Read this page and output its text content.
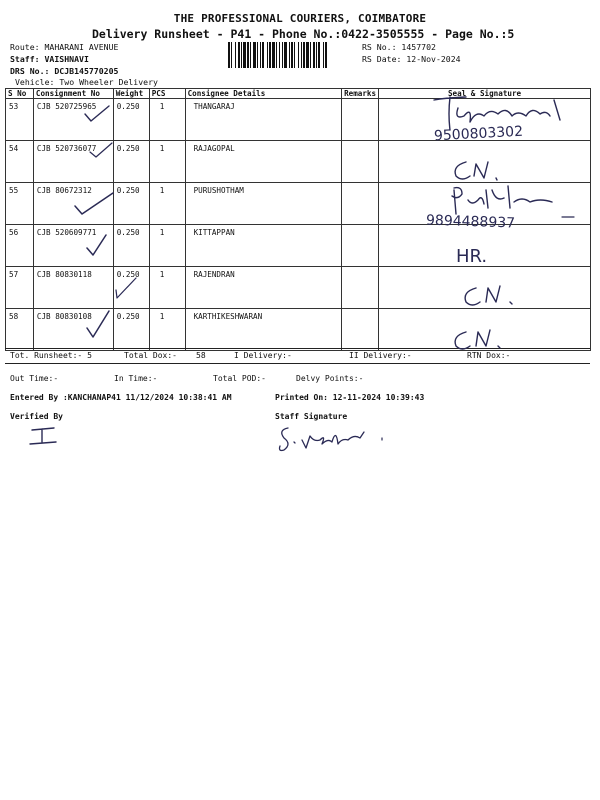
THE PROFESSIONAL COURIERS, COIMBATORE
Delivery Runsheet - P41 - Phone No.:0422-3505555 - Page No.:5
Route: MAHARANI AVENUE
Staff: VAISHNAVI
DRS No.: DCJB145770205
Vehicle: Two Wheeler Delivery
RS No.: 1457702
RS Date: 12-Nov-2024
S No	Consignment No	Weight	PCS	Consignee Details	Remarks	Seal & Signature
53	CJB 520725965	0.250	1	THANGARAJ		
54	CJB 520736077	0.250	1	RAJAGOPAL		
55	CJB 80672312	0.250	1	PURUSHOTHAM		
56	CJB 520609771	0.250	1	KITTAPPAN		
57	CJB 80830118	0.250	1	RAJENDRAN		
58	CJB 80830108	0.250	1	KARTHIKESHWARAN		
Tot. Runsheet:- 5	Total Dox:- 58	I Delivery:-	II Delivery:-	RTN Dox:-
Out Time:-	In Time:-	Total POD:-	Delvy Points:-
Entered By :KANCHANAP41 11/12/2024 10:38:41 AM	Printed On: 12-11-2024 10:39:43
Verified By	Staff Signature
9500803302
9894488937
HR.
